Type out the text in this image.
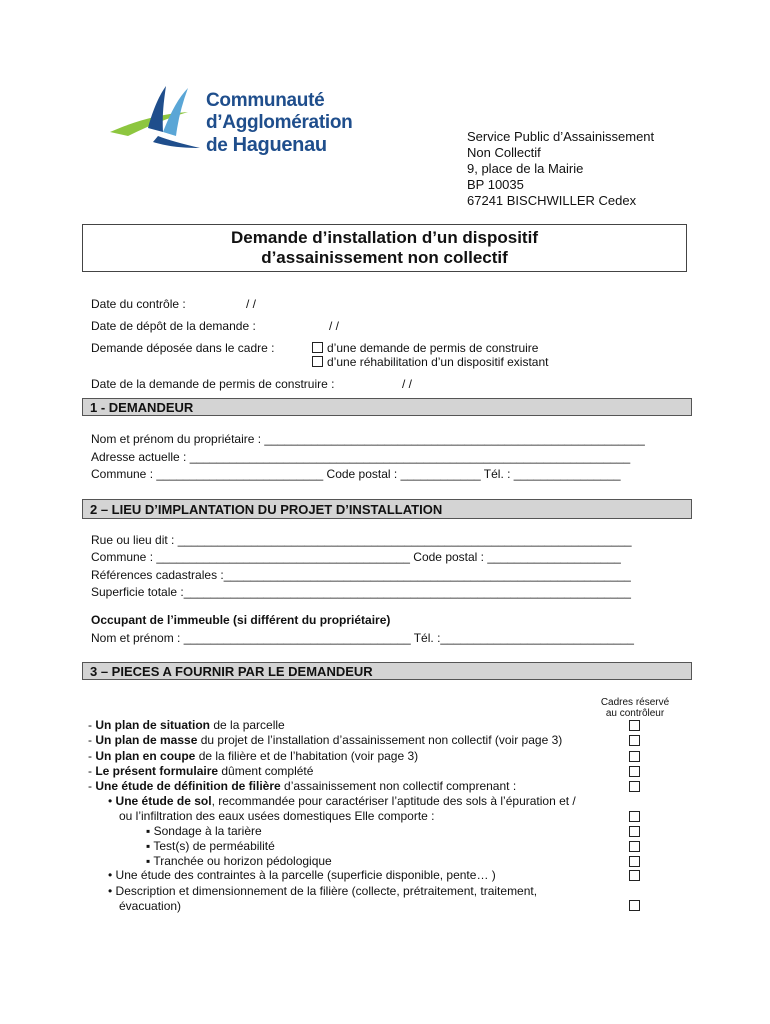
Communauté
d’Agglomération
de Haguenau	Service Public d’Assainissement
Non Collectif
9, place de la Mairie
BP 10035
67241 BISCHWILLER Cedex
Demande d’installation d’un dispositif
d’assainissement non collectif
Date du contrôle :	/ /
Date de dépôt de la demande :	/ /
Demande déposée dans le cadre :	d’une demande de permis de construire
d’une réhabilitation d’un dispositif existant
Date de la demande de permis de construire :	/ /
1 - DEMANDEUR
Nom et prénom du propriétaire : _________________________________________________________
Adresse actuelle : __________________________________________________________________
Commune : _________________________ Code postal : ____________ Tél. : ________________
2 – LIEU D’IMPLANTATION DU PROJET D’INSTALLATION
Rue ou lieu dit : ____________________________________________________________________
Commune : ______________________________________ Code postal : ____________________
Références cadastrales :_____________________________________________________________
Superficie totale :___________________________________________________________________
Occupant de l’immeuble (si différent du propriétaire)
Nom et prénom : __________________________________ Tél. :_____________________________
3 – PIECES A FOURNIR PAR LE DEMANDEUR
Cadres réservé
au contrôleur
- Un plan de situation de la parcelle
- Un plan de masse du projet de l’installation d’assainissement non collectif (voir page 3)
- Un plan en coupe de la filière et de l’habitation (voir page 3)
- Le présent formulaire dûment complété
- Une étude de définition de filière d’assainissement non collectif comprenant :
• Une étude de sol, recommandée pour caractériser l’aptitude des sols à l’épuration et /
ou l’infiltration des eaux usées domestiques Elle comporte :
▪ Sondage à la tarière
▪ Test(s) de perméabilité
▪ Tranchée ou horizon pédologique
• Une étude des contraintes à la parcelle (superficie disponible, pente… )
• Description et dimensionnement de la filière (collecte, prétraitement, traitement,
évacuation)
